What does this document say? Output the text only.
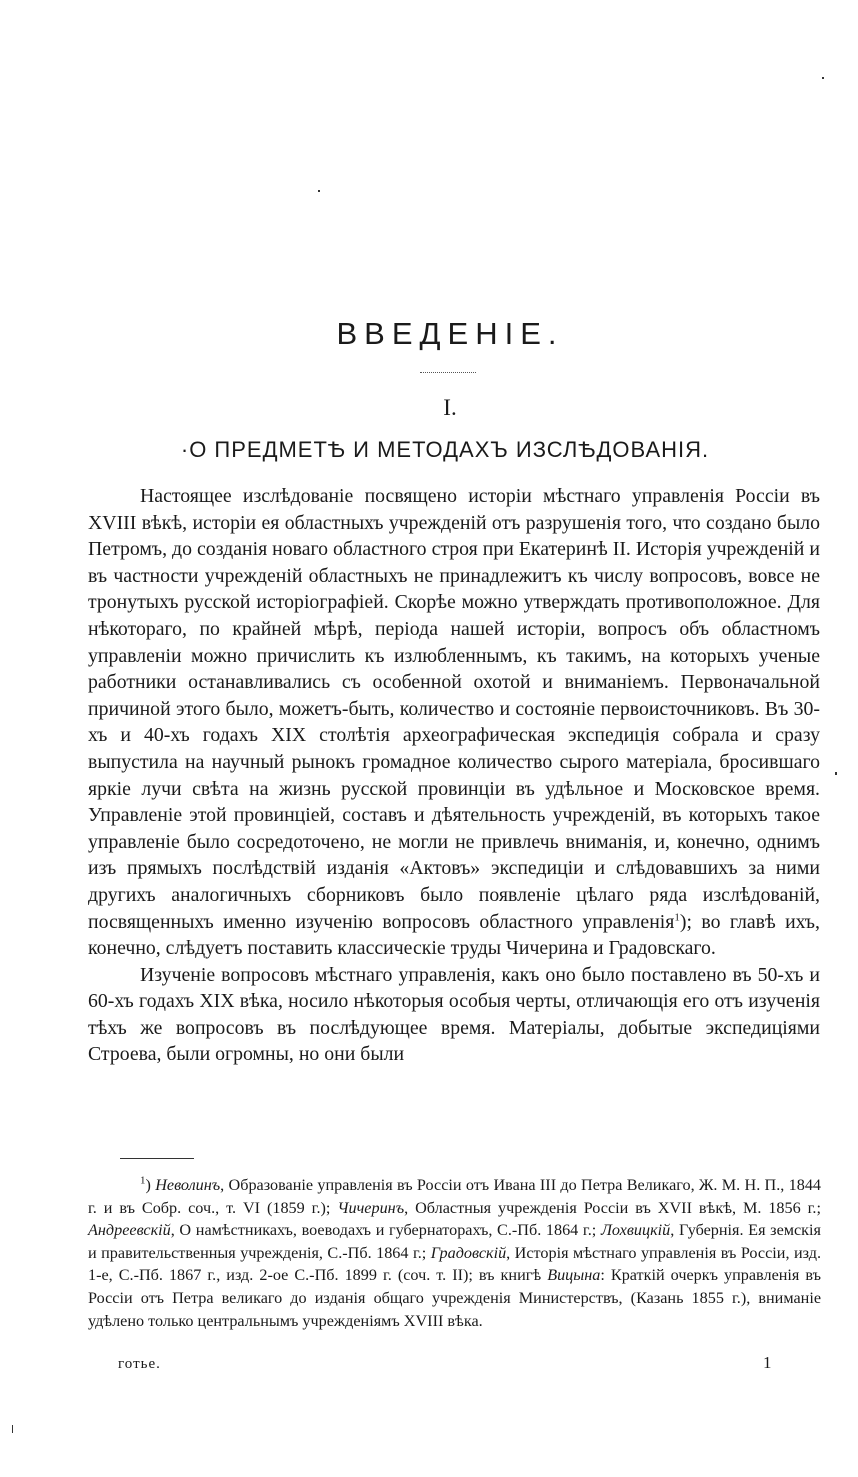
ВВЕДЕНІЕ.
I.
·О ПРЕДМЕТѢ И МЕТОДАХЪ ИЗСЛѢДОВАНІЯ.

Настоящее изслѣдованіе посвящено исторіи мѣстнаго управленія Россіи въ XVIII вѣкѣ, исторіи ея областныхъ учрежденій отъ разрушенія того, что создано было Петромъ, до созданія новаго областного строя при Екатеринѣ II. Исторія учрежденій и въ частности учрежденій областныхъ не принадлежитъ къ числу вопросовъ, вовсе не тронутыхъ русской исторіографіей. Скорѣе можно утверждать противоположное. Для нѣкотораго, по крайней мѣрѣ, періода нашей исторіи, вопросъ объ областномъ управленіи можно причислить къ излюбленнымъ, къ такимъ, на которыхъ ученые работники останавливались съ особенной охотой и вниманіемъ. Первоначальной причиной этого было, можетъ-быть, количество и состояніе первоисточниковъ. Въ 30-хъ и 40-хъ годахъ XIX столѣтія археографическая экспедиція собрала и сразу выпустила на научный рынокъ громадное количество сырого матеріала, бросившаго яркіе лучи свѣта на жизнь русской провинціи въ удѣльное и Московское время. Управленіе этой провинціей, составъ и дѣятельность учрежденій, въ которыхъ такое управленіе было сосредоточено, не могли не привлечь вниманія, и, конечно, однимъ изъ прямыхъ послѣдствій изданія «Актовъ» экспедиціи и слѣдовавшихъ за ними другихъ аналогичныхъ сборниковъ было появленіе цѣлаго ряда изслѣдованій, посвященныхъ именно изученію вопросовъ областного управленія$^1$); во главѣ ихъ, конечно, слѣдуетъ поставить классическіе труды Чичерина и Градовскаго.

Изученіе вопросовъ мѣстнаго управленія, какъ оно было поставлено въ 50-хъ и 60-хъ годахъ XIX вѣка, носило нѣкоторыя особыя черты, отличающія его отъ изученія тѣхъ же вопросовъ въ послѣдующее время. Матеріалы, добытые экспедиціями Строева, были огромны, но они были

$^1$) Неволинъ, Образованіе управленія въ Россіи отъ Ивана III до Петра Великаго, Ж. М. Н. П., 1844 г. и въ Собр. соч., т. VI (1859 г.); Чичеринъ, Областныя учрежденія Россіи въ XVII вѣкѣ, М. 1856 г.; Андреевскій, О намѣстникахъ, воеводахъ и губернаторахъ, С.-Пб. 1864 г.; Лохвицкій, Губернія. Ея земскія и правительственныя учрежденія, С.-Пб. 1864 г.; Градовскій, Исторія мѣстнаго управленія въ Россіи, изд. 1-е, С.-Пб. 1867 г., изд. 2-ое С.-Пб. 1899 г. (соч. т. II); въ книгѣ Вицына: Краткій очеркъ управленія въ Россіи отъ Петра великаго до изданія общаго учрежденія Министерствъ, (Казань 1855 г.), вниманіе удѣлено только центральнымъ учрежденіямъ XVIII вѣка.

готье.	1
